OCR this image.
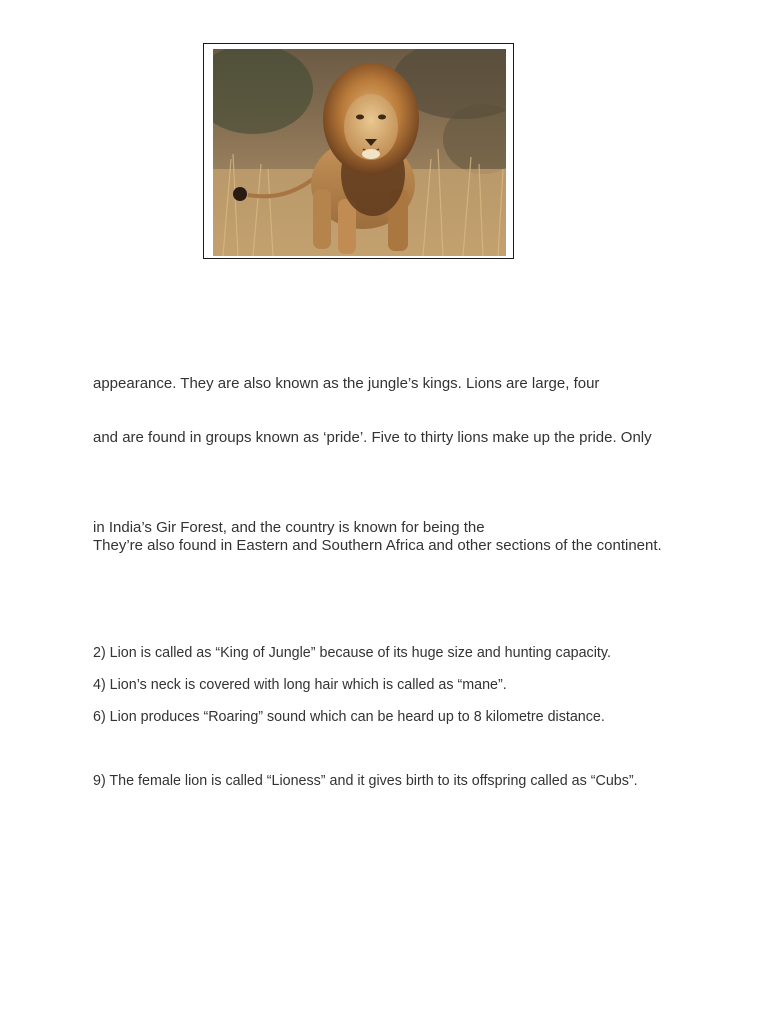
appearance. They are also known as the jungle’s kings. Lions are large, four

and are found in groups known as ‘pride’. Five to thirty lions make up the pride. Only

in India’s Gir Forest, and the country is known for being the

They’re also found in Eastern and Southern Africa and other sections of the continent.

2) Lion is called as “King of Jungle” because of its huge size and hunting capacity.

4) Lion’s neck is covered with long hair which is called as “mane”.

6) Lion produces “Roaring” sound which can be heard up to 8 kilometre distance.

9) The female lion is called “Lioness” and it gives birth to its offspring called as “Cubs”.
